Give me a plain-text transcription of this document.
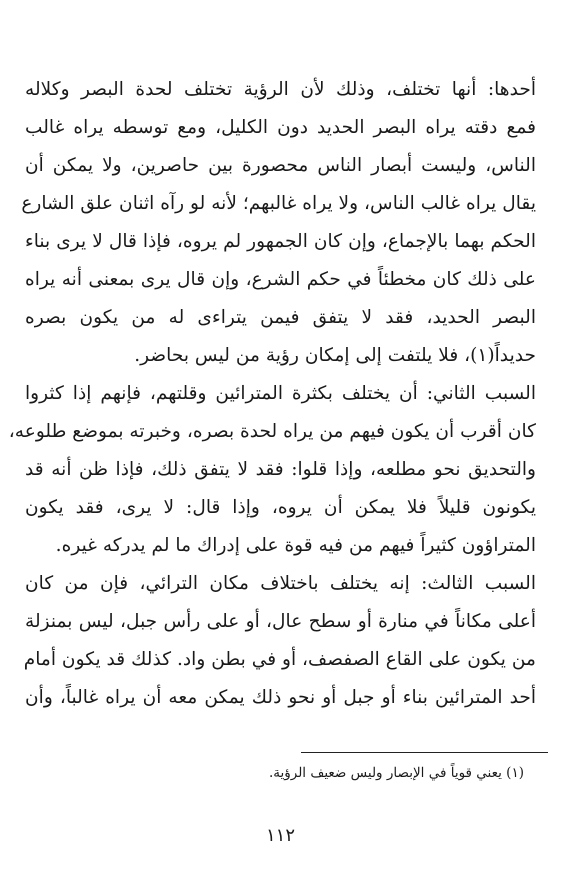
أحدها: أنها تختلف، وذلك لأن الرؤية تختلف لحدة البصر وكلاله
فمع دقته يراه البصر الحديد دون الكليل، ومع توسطه يراه غالب
الناس، وليست أبصار الناس محصورة بين حاصرين، ولا يمكن أن
يقال يراه غالب الناس، ولا يراه غالبهم؛ لأنه لو رآه اثنان علق الشارع
الحكم بهما بالإجماع، وإن كان الجمهور لم يروه، فإذا قال لا يرى بناء
على ذلك كان مخطئاً في حكم الشرع، وإن قال يرى بمعنى أنه يراه
البصر الحديد، فقد لا يتفق فيمن يتراءى له من يكون بصره
حديداً(١)، فلا يلتفت إلى إمكان رؤية من ليس بحاضر.
السبب الثاني: أن يختلف بكثرة المترائين وقلتهم، فإنهم إذا كثروا
كان أقرب أن يكون فيهم من يراه لحدة بصره، وخبرته بموضع طلوعه،
والتحديق نحو مطلعه، وإذا قلوا: فقد لا يتفق ذلك، فإذا ظن أنه قد
يكونون قليلاً فلا يمكن أن يروه، وإذا قال: لا يرى، فقد يكون
المتراؤون كثيراً فيهم من فيه قوة على إدراك ما لم يدركه غيره.
السبب الثالث: إنه يختلف باختلاف مكان الترائي، فإن من كان
أعلى مكاناً في منارة أو سطح عال، أو على رأس جبل، ليس بمنزلة
من يكون على القاع الصفصف، أو في بطن واد. كذلك قد يكون أمام
أحد المترائين بناء أو جبل أو نحو ذلك يمكن معه أن يراه غالباً، وأن
(١) يعني قوياً في الإبصار وليس ضعيف الرؤية.
١١٢
